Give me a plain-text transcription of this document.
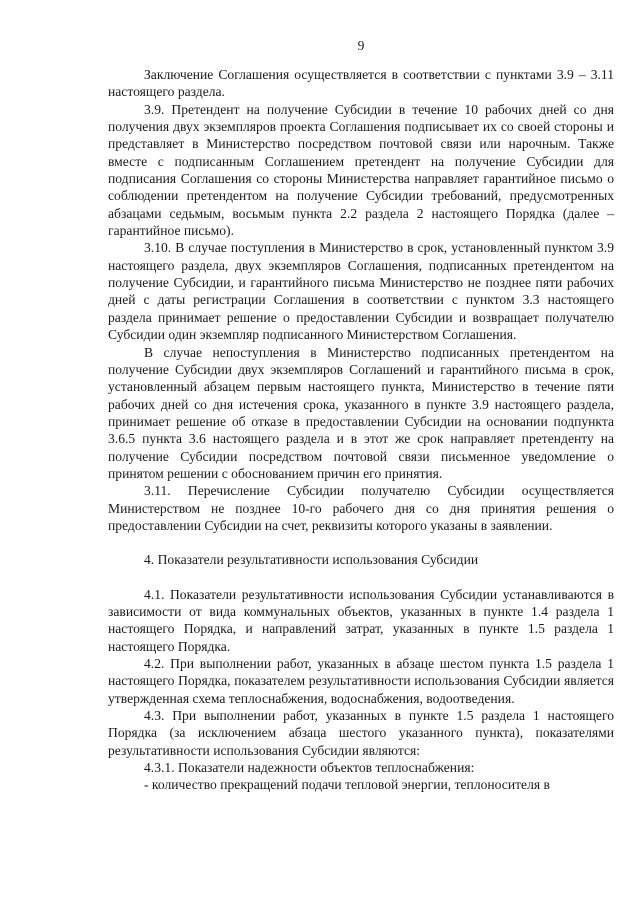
9

Заключение Соглашения осуществляется в соответствии с пунктами 3.9 – 3.11 настоящего раздела.

3.9. Претендент на получение Субсидии в течение 10 рабочих дней со дня получения двух экземпляров проекта Соглашения подписывает их со своей стороны и представляет в Министерство посредством почтовой связи или нарочным. Также вместе с подписанным Соглашением претендент на получение Субсидии для подписания Соглашения со стороны Министерства направляет гарантийное письмо о соблюдении претендентом на получение Субсидии требований, предусмотренных абзацами седьмым, восьмым пункта 2.2 раздела 2 настоящего Порядка (далее – гарантийное письмо).

3.10. В случае поступления в Министерство в срок, установленный пунктом 3.9 настоящего раздела, двух экземпляров Соглашения, подписанных претендентом на получение Субсидии, и гарантийного письма Министерство не позднее пяти рабочих дней с даты регистрации Соглашения в соответствии с пунктом 3.3 настоящего раздела принимает решение о предоставлении Субсидии и возвращает получателю Субсидии один экземпляр подписанного Министерством Соглашения.

В случае непоступления в Министерство подписанных претендентом на получение Субсидии двух экземпляров Соглашений и гарантийного письма в срок, установленный абзацем первым настоящего пункта, Министерство в течение пяти рабочих дней со дня истечения срока, указанного в пункте 3.9 настоящего раздела, принимает решение об отказе в предоставлении Субсидии на основании подпункта 3.6.5 пункта 3.6 настоящего раздела и в этот же срок направляет претенденту на получение Субсидии посредством почтовой связи письменное уведомление о принятом решении с обоснованием причин его принятия.

3.11. Перечисление Субсидии получателю Субсидии осуществляется Министерством не позднее 10-го рабочего дня со дня принятия решения о предоставлении Субсидии на счет, реквизиты которого указаны в заявлении.

4. Показатели результативности использования Субсидии

4.1. Показатели результативности использования Субсидии устанавливаются в зависимости от вида коммунальных объектов, указанных в пункте 1.4 раздела 1 настоящего Порядка, и направлений затрат, указанных в пункте 1.5 раздела 1 настоящего Порядка.

4.2. При выполнении работ, указанных в абзаце шестом пункта 1.5 раздела 1 настоящего Порядка, показателем результативности использования Субсидии является утвержденная схема теплоснабжения, водоснабжения, водоотведения.

4.3. При выполнении работ, указанных в пункте 1.5 раздела 1 настоящего Порядка (за исключением абзаца шестого указанного пункта), показателями результативности использования Субсидии являются:

4.3.1. Показатели надежности объектов теплоснабжения:

- количество прекращений подачи тепловой энергии, теплоносителя в
